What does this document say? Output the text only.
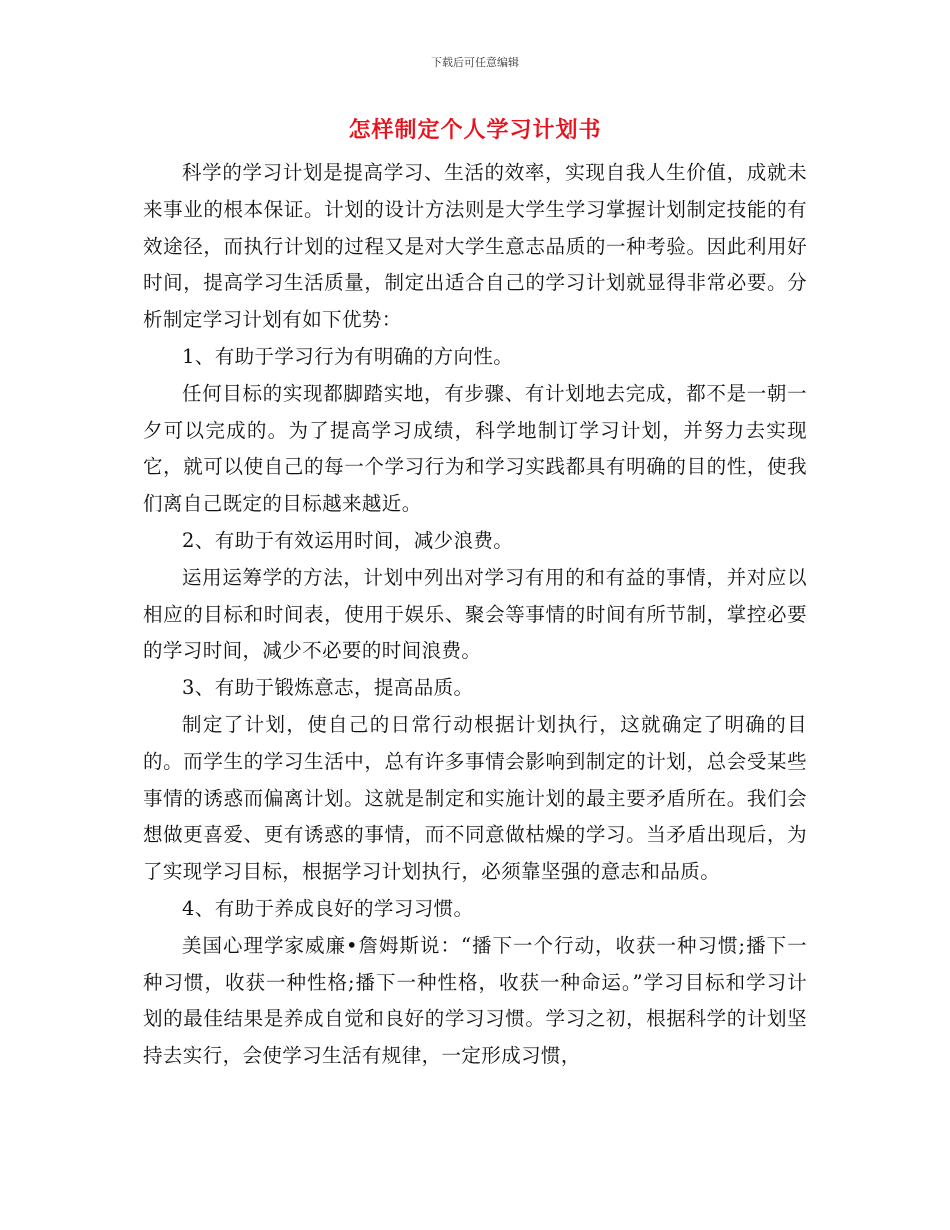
下载后可任意编辑
怎样制定个人学习计划书

科学的学习计划是提高学习、生活的效率，实现自我人生价值，成就未来事业的根本保证。计划的设计方法则是大学生学习掌握计划制定技能的有效途径，而执行计划的过程又是对大学生意志品质的一种考验。因此利用好时间，提高学习生活质量，制定出适合自己的学习计划就显得非常必要。分析制定学习计划有如下优势：

1、有助于学习行为有明确的方向性。

任何目标的实现都脚踏实地，有步骤、有计划地去完成，都不是一朝一夕可以完成的。为了提高学习成绩，科学地制订学习计划，并努力去实现它，就可以使自己的每一个学习行为和学习实践都具有明确的目的性，使我们离自己既定的目标越来越近。

2、有助于有效运用时间，减少浪费。

运用运筹学的方法，计划中列出对学习有用的和有益的事情，并对应以相应的目标和时间表，使用于娱乐、聚会等事情的时间有所节制，掌控必要的学习时间，减少不必要的时间浪费。

3、有助于锻炼意志，提高品质。

制定了计划，使自己的日常行动根据计划执行，这就确定了明确的目的。而学生的学习生活中，总有许多事情会影响到制定的计划，总会受某些事情的诱惑而偏离计划。这就是制定和实施计划的最主要矛盾所在。我们会想做更喜爱、更有诱惑的事情，而不同意做枯燥的学习。当矛盾出现后，为了实现学习目标，根据学习计划执行，必须靠坚强的意志和品质。

4、有助于养成良好的学习习惯。

美国心理学家威廉•詹姆斯说：“播下一个行动，收获一种习惯;播下一种习惯，收获一种性格;播下一种性格，收获一种命运。”学习目标和学习计划的最佳结果是养成自觉和良好的学习习惯。学习之初，根据科学的计划坚持去实行，会使学习生活有规律，一定形成习惯，
